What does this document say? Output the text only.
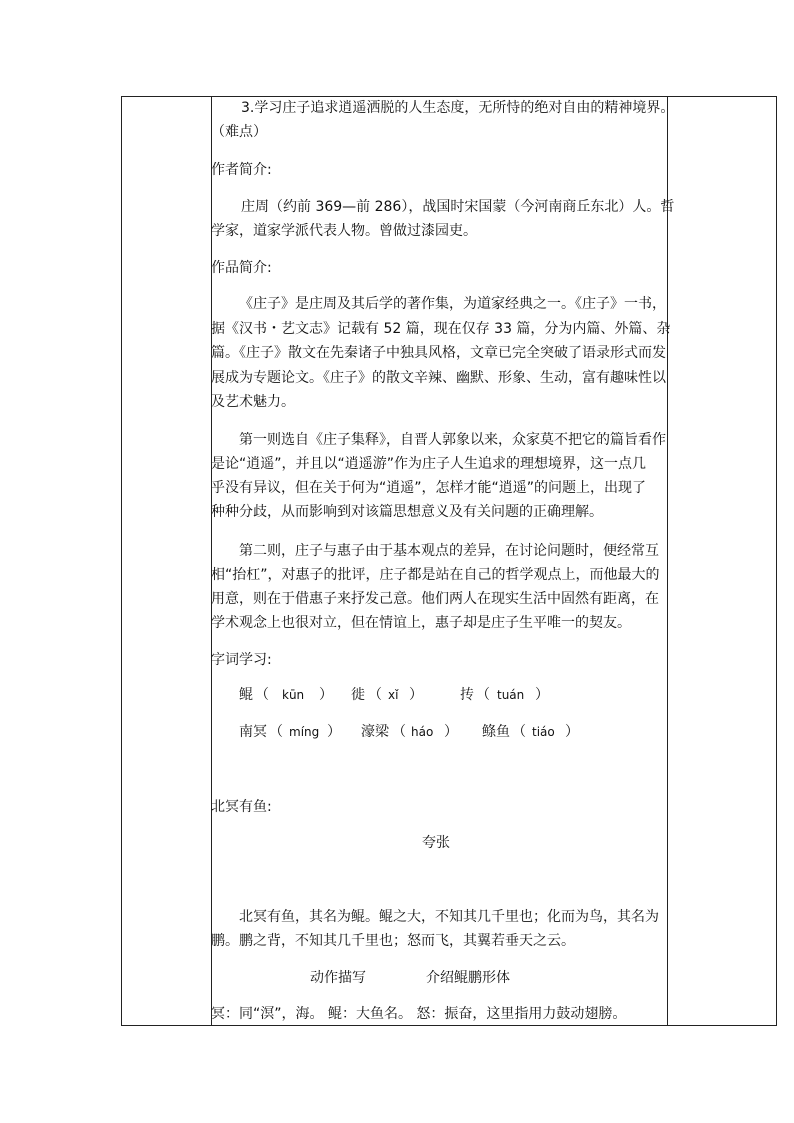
3.学习庄子追求逍遥洒脱的人生态度，无所恃的绝对自由的精神境界。

（难点）

作者简介:

庄周（约前 369—前 286），战国时宋国蒙（今河南商丘东北）人。哲

学家，道家学派代表人物。曾做过漆园吏。

作品简介:

《庄子》是庄周及其后学的著作集，为道家经典之一。《庄子》一书，

据《汉书・艺文志》记载有 52 篇，现在仅存 33 篇，分为内篇、外篇、杂

篇。《庄子》散文在先秦诸子中独具风格，文章已完全突破了语录形式而发

展成为专题论文。《庄子》的散文辛辣、幽默、形象、生动，富有趣味性以

及艺术魅力。

第一则选自《庄子集释》，自晋人郭象以来，众家莫不把它的篇旨看作

是论“逍遥”，并且以“逍遥游”作为庄子人生追求的理想境界，这一点几

乎没有异议，但在关于何为“逍遥”，怎样才能“逍遥”的问题上，出现了

种种分歧，从而影响到对该篇思想意义及有关问题的正确理解。

第二则，庄子与惠子由于基本观点的差异，在讨论问题时，便经常互

相“抬杠”，对惠子的批评，庄子都是站在自己的哲学观点上，而他最大的

用意，则在于借惠子来抒发己意。他们两人在现实生活中固然有距离，在

学术观念上也很对立，但在情谊上，惠子却是庄子生平唯一的契友。

字词学习:

鲲 （ kūn ） 徙 （ xǐ ）	抟 （ tuán ）
南冥 （ míng ） 濠梁 （ háo ） 鲦鱼 （ tiáo ）

北冥有鱼:

夸张

北冥有鱼，其名为鲲。鲲之大，不知其几千里也；化而为鸟，其名为

鹏。鹏之背，不知其几千里也；怒而飞，其翼若垂天之云。

动作描写	介绍鲲鹏形体

冥：同“溟”，海。 鲲：大鱼名。 怒：振奋，这里指用力鼓动翅膀。
